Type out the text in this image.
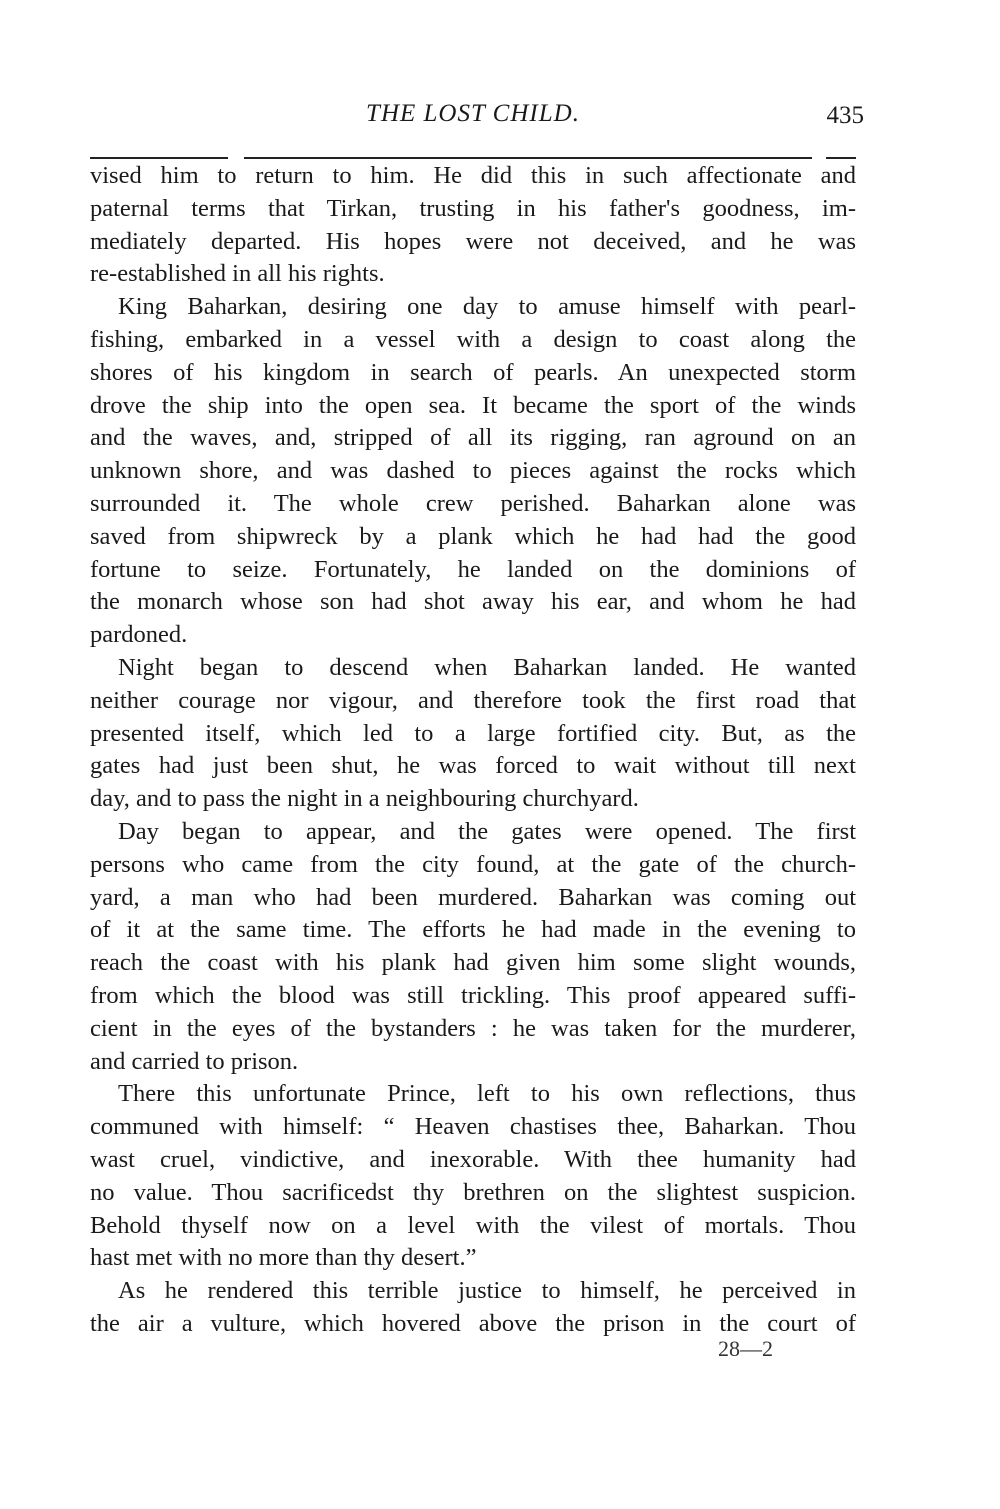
THE LOST CHILD.	435
vised him to return to him. He did this in such affectionate and
paternal terms that Tirkan, trusting in his father's goodness, im-
mediately departed. His hopes were not deceived, and he was
re-established in all his rights.
King Baharkan, desiring one day to amuse himself with pearl-
fishing, embarked in a vessel with a design to coast along the
shores of his kingdom in search of pearls. An unexpected storm
drove the ship into the open sea. It became the sport of the winds
and the waves, and, stripped of all its rigging, ran aground on an
unknown shore, and was dashed to pieces against the rocks which
surrounded it. The whole crew perished. Baharkan alone was
saved from shipwreck by a plank which he had had the good
fortune to seize. Fortunately, he landed on the dominions of
the monarch whose son had shot away his ear, and whom he had
pardoned.
Night began to descend when Baharkan landed. He wanted
neither courage nor vigour, and therefore took the first road that
presented itself, which led to a large fortified city. But, as the
gates had just been shut, he was forced to wait without till next
day, and to pass the night in a neighbouring churchyard.
Day began to appear, and the gates were opened. The first
persons who came from the city found, at the gate of the church-
yard, a man who had been murdered. Baharkan was coming out
of it at the same time. The efforts he had made in the evening to
reach the coast with his plank had given him some slight wounds,
from which the blood was still trickling. This proof appeared suffi-
cient in the eyes of the bystanders : he was taken for the murderer,
and carried to prison.
There this unfortunate Prince, left to his own reflections, thus
communed with himself: “ Heaven chastises thee, Baharkan. Thou
wast cruel, vindictive, and inexorable. With thee humanity had
no value. Thou sacrificedst thy brethren on the slightest suspicion.
Behold thyself now on a level with the vilest of mortals. Thou
hast met with no more than thy desert.”
As he rendered this terrible justice to himself, he perceived in
the air a vulture, which hovered above the prison in the court of
28—2
